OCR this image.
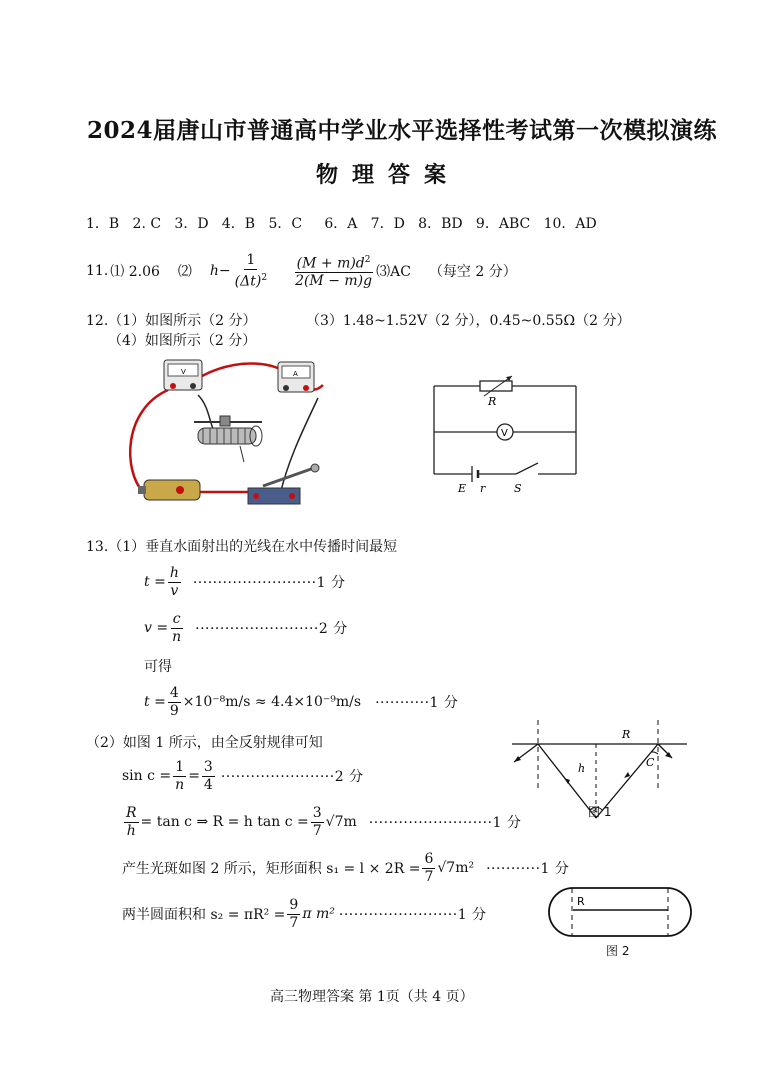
2024届唐山市普通高中学业水平选择性考试第一次模拟演练
物理答案
1．B   2. C   3．D   4．B   5．C     6．A   7．D   8．BD   9．ABC   10．AD
11. ⑴ 2.06 ⑵ $h - \frac{1}{(\Delta t)^2} \frac{(M + m)d^2}{2(M - m)g}$ ⑶AC （每空 2 分）
12.（1）如图所示（2 分）	（3）1.48~1.52V（2 分），0.45~0.55Ω（2 分）
（4）如图所示（2 分）
V	A
R
V
E r	S
13.（1）垂直水面射出的光线在水中传播时间最短
$t = \frac{h}{v} \cdot\cdot\cdot\cdot\cdot\cdot\cdot\cdot\cdot\cdot\cdot\cdot\cdot\cdot\cdot\cdot\cdot\cdot\cdot\cdot\cdot\cdot\cdot\cdot\cdot 1$ 分
$v = \frac{c}{n} \cdot\cdot\cdot\cdot\cdot\cdot\cdot\cdot\cdot\cdot\cdot\cdot\cdot\cdot\cdot\cdot\cdot\cdot\cdot\cdot\cdot\cdot\cdot\cdot\cdot 2$ 分
可得
$t = \frac{4}{9} \times 10^{-8}m/s \approx 4.4\times 10^{-9}m/s \cdot\cdot\cdot\cdot\cdot\cdot\cdot\cdot\cdot\cdot\cdot 1$ 分
（2）如图 1 所示，由全反射规律可知
$\sin c = \frac{1}{n} = \frac{3}{4} \cdot\cdot\cdot\cdot\cdot\cdot\cdot\cdot\cdot\cdot\cdot\cdot\cdot\cdot\cdot\cdot\cdot\cdot\cdot\cdot\cdot\cdot\cdot 2$ 分
$\frac{R}{h} = \tan c$ ⇒ R = h $\tan c = \frac{3}{7} √7m \cdot\cdot\cdot\cdot\cdot\cdot\cdot\cdot\cdot\cdot\cdot\cdot\cdot\cdot\cdot\cdot\cdot\cdot\cdot\cdot\cdot\cdot\cdot\cdot\cdot 1$ 分
产生光斑如图 2 所示，矩形面积 $s_1 = l \times 2R = \frac{6}{7} √7m^2 \cdot\cdot\cdot\cdot\cdot\cdot\cdot\cdot\cdot\cdot\cdot 1$ 分
两半圆面积和 $s_2 = \pi R^2 = \frac{9}{7}$ π m² ························1 分
R
h	C
图 1
R
图 2
高三物理答案 第 1页（共 4 页）
